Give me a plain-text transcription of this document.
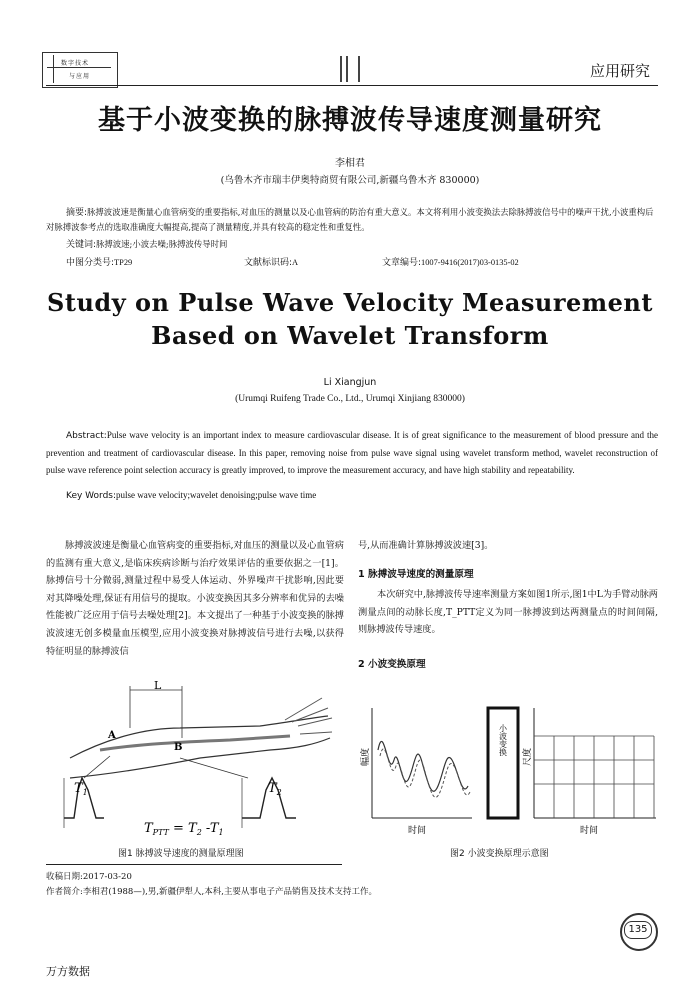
数字技术
与应用	应用研究
基于小波变换的脉搏波传导速度测量研究
李相君
(乌鲁木齐市瑞丰伊奥特商贸有限公司,新疆乌鲁木齐 830000)
摘要:脉搏波波速是衡量心血管病变的重要指标,对血压的测量以及心血管病的防治有重大意义。本文将利用小波变换法去除脉搏波信号中的噪声干扰,小波重构后对脉搏波参考点的选取准确度大幅提高,提高了测量精度,并具有较高的稳定性和重复性。
关键词:脉搏波速;小波去噪;脉搏波传导时间
中图分类号:TP29	文献标识码:A	文章编号:1007-9416(2017)03-0135-02
Study on Pulse Wave Velocity Measurement
Based on Wavelet Transform
Li Xiangjun
(Urumqi Ruifeng Trade Co., Ltd., Urumqi Xinjiang 830000)
Abstract:Pulse wave velocity is an important index to measure cardiovascular disease. It is of great significance to the measurement of blood pressure and the prevention and treatment of cardiovascular disease. In this paper, removing noise from pulse wave signal using wavelet transform method, wavelet reconstruction of pulse wave reference point selection accuracy is greatly improved, to improve the measurement accuracy, and have high stability and repeatability.
Key Words:pulse wave velocity;wavelet denoising;pulse wave time
脉搏波波速是衡量心血管病变的重要指标,对血压的测量以及心血管病的监测有重大意义,是临床疾病诊断与治疗效果评估的重要依据之一[1]。脉搏信号十分微弱,测量过程中易受人体运动、外界噪声干扰影响,因此要对其降噪处理,保证有用信号的提取。小波变换因其多分辨率和优异的去噪性能被广泛应用于信号去噪处理[2]。本文提出了一种基于小波变换的脉搏波波速无创多模量血压模型,应用小波变换对脉搏波信号进行去噪,以获得特征明显的脉搏波信
号,从而准确计算脉搏波波速[3]。
1 脉搏波导速度的测量原理
本次研究中,脉搏波传导速率测量方案如图1所示,图1中L为手臂动脉两测量点间的动脉长度,T_PTT定义为同一脉搏波到达两测量点的时间间隔,则脉搏波传导速度。
2 小波变换原理
L
A
B
$T_1$	$T_2$
$T_{PTT} = T_2$ $-T_1$
图1 脉搏波导速度的测量原理图
幅度
时间
小波变换
尺度
时间
图2 小波变换原理示意图
收稿日期:2017-03-20
作者简介:李相君(1988—),男,新疆伊犁人,本科,主要从事电子产品销售及技术支持工作。
135
万方数据
